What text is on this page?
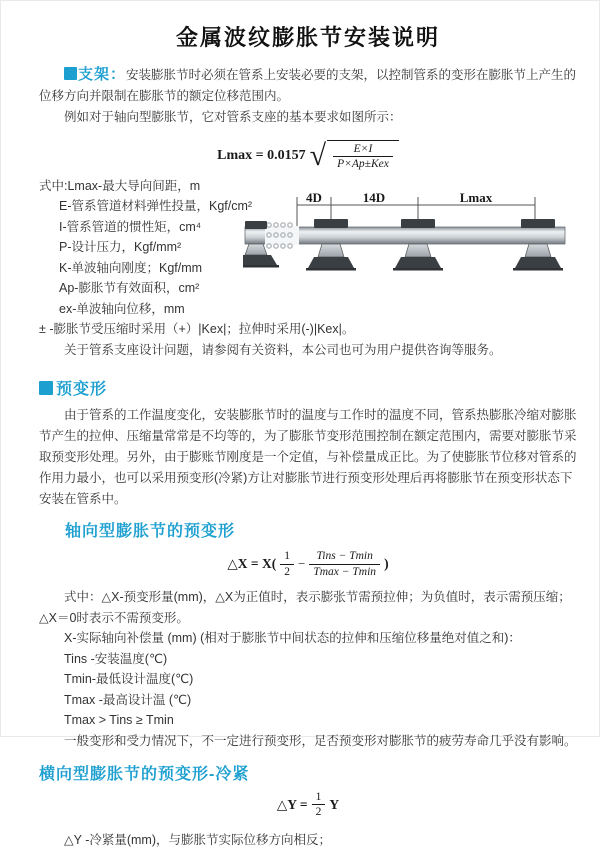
金属波纹膨胀节安装说明

支架：安装膨胀节时必须在管系上安装必要的支架，以控制管系的变形在膨胀节上产生的位移方向并限制在膨胀节的额定位移范围内。

例如对于轴向型膨胀节，它对管系支座的基本要求如图所示：

Lmax = 0.0157 √ $\frac{E\times I}{\text{P×Ap±Kex}}$
式中:Lmax-最大导向间距，m
E-管系管道材料弹性投量，Kgf/cm²
I-管系管道的惯性矩，cm⁴
P-设计压力，Kgf/mm²
K-单波轴向刚度；Kgf/mm
Ap-膨胀节有效面积，cm²
ex-单波轴向位移，mm
± -膨胀节受压缩时采用（+）|Kex|；拉伸时采用(-)|Kex|。
关于管系支座设计问题，请参阅有关资料，本公司也可为用户提供咨询等服务。
预变形

由于管系的工作温度变化，安装膨胀节时的温度与工作时的温度不同，管系热膨胀冷缩对膨胀节产生的拉伸、压缩量常常是不均等的，为了膨胀节变形范围控制在额定范围内，需要对膨胀节采取预变形处理。另外，由于膨账节刚度是一个定值，与补偿量成正比。为了使膨胀节位移对管系的作用力最小，也可以采用预变形(冷紧)方让对膨胀节进行预变形处理后再将膨胀节在预变形状态下安装在管系中。

轴向型膨胀节的预变形
△X = $X( \frac{1}{2} - \frac{\text{Tins − Tmin}}{Tmax - Tmin}$ )

式中：△X-预变形量(mm)，△X为正值时，表示膨张节需预拉伸；为负值时，表示需预压缩；△X＝0时表示不需预变形。

X-实际轴向补偿量 (mm) (相对于膨胀节中间状态的拉伸和压缩位移量绝对值之和)：

Tins -安装温度(℃)

Tmin-最低设计温度(℃)

Tmax -最高设计温 (℃)

Tmax > Tins ≥ Tmin

一般变形和受力情况下，不一定进行预变形，足否预变形对膨胀节的疲劳寿命几乎没有影响。

横向型膨胀节的预变形-冷紧
△Y = $\frac{1}{2}$ Y

△Y -冷紧量(mm)，与膨胀节实际位移方向相反；

4D	14D	Lmax
